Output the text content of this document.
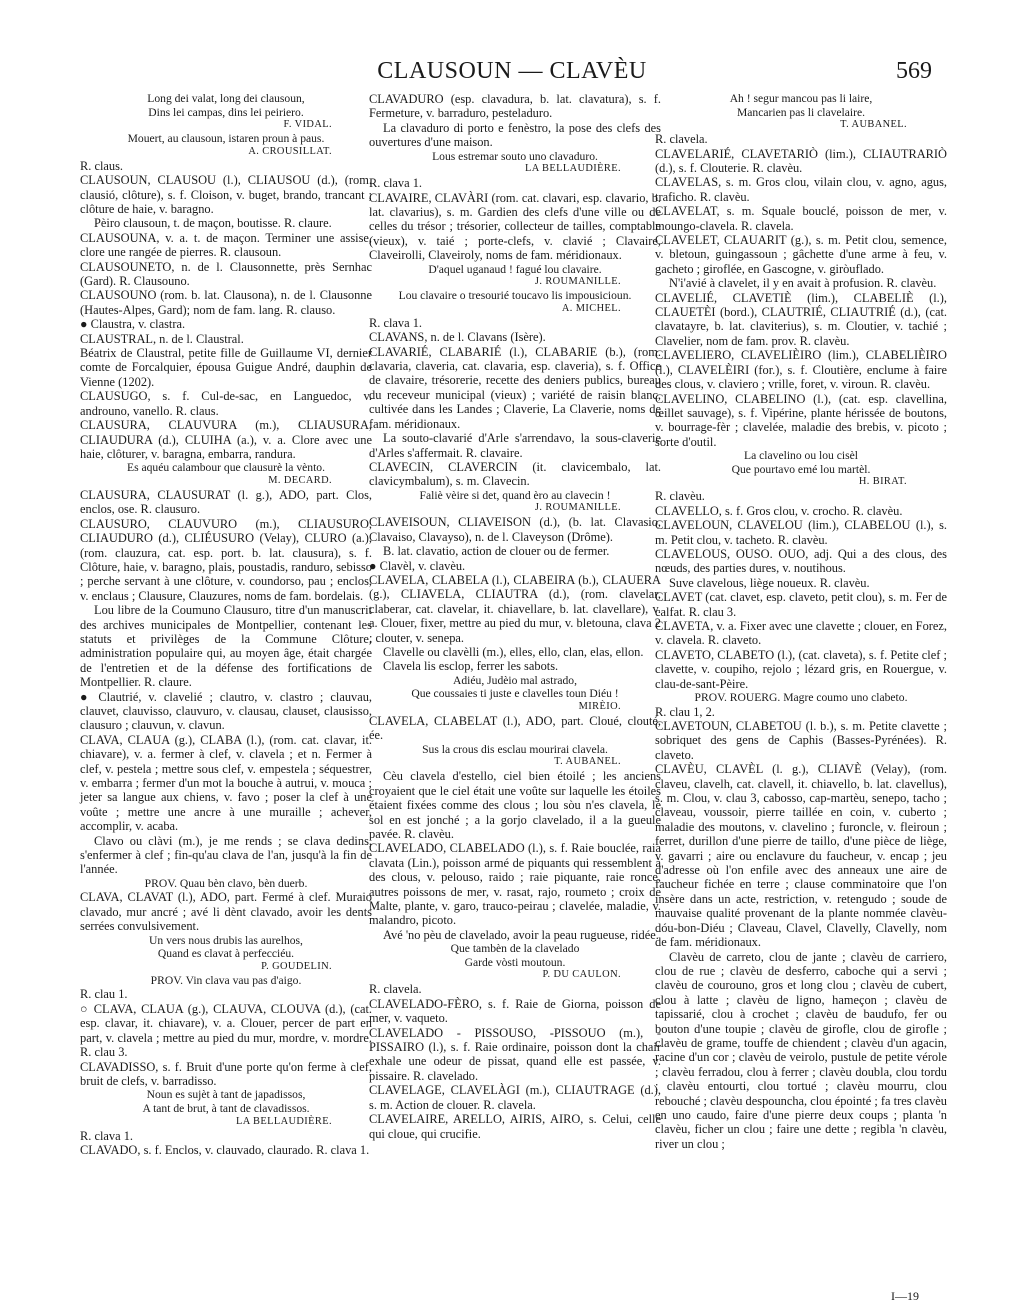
CLAUSOUN — CLAVÈU	569

Long dei valat, long dei clausoun,

Dins lei campas, dins lei peiriero.

F. VIDAL.

Mouert, au clausoun, istaren proun à paus.

A. CROUSILLAT.

R. claus.

CLAUSOUN, CLAUSOU (l.), CLIAUSOU (d.), (rom. clausió, clôture), s. f. Cloison, v. buget, brando, trancant ; clôture de haie, v. baragno.

Pèiro clausoun, t. de maçon, boutisse. R. claure.

CLAUSOUNA, v. a. t. de maçon. Terminer une assise, clore une rangée de pierres. R. clausoun.

CLAUSOUNETO, n. de l. Clausonnette, près Sernhac (Gard). R. Clausouno.

CLAUSOUNO (rom. b. lat. Clausona), n. de l. Clausonne (Hautes-Alpes, Gard); nom de fam. lang. R. clauso.

● Claustra, v. clastra.

CLAUSTRAL, n. de l. Claustral.

Béatrix de Claustral, petite fille de Guillaume VI, dernier comte de Forcalquier, épousa Guigue André, dauphin de Vienne (1202).

CLAUSUGO, s. f. Cul-de-sac, en Languedoc, v. androuno, vanello. R. claus.

CLAUSURA, CLAUVURA (m.), CLIAUSURA, CLIAUDURA (d.), CLUIHA (a.), v. a. Clore avec une haie, clôturer, v. baragna, embarra, randura.

Es aquéu calambour que clausurè la vènto.

M. DECARD.

CLAUSURA, CLAUSURAT (l. g.), ADO, part. Clos, enclos, ose. R. clausuro.

CLAUSURO, CLAUVURO (m.), CLIAUSURO, CLIAUDURO (d.), CLIÉUSURO (Velay), CLURO (a.), (rom. clauzura, cat. esp. port. b. lat. clausura), s. f. Clôture, haie, v. baragno, plais, poustadis, randuro, sebisso ; perche servant à une clôture, v. coundorso, pau ; enclos, v. enclaus ; Clausure, Clauzures, noms de fam. bordelais.

Lou libre de la Coumuno Clausuro, titre d'un manuscrit des archives municipales de Montpellier, contenant les statuts et privilèges de la Commune Clôture, administration populaire qui, au moyen âge, était chargée de l'entretien et de la défense des fortifications de Montpellier. R. claure.

● Clautrié, v. clavelié ; clautro, v. clastro ; clauvau, clauvet, clauvisso, clauvuro, v. clausau, clauset, clausisso, clausuro ; clauvun, v. clavun.

CLAVA, CLAUA (g.), CLABA (l.), (rom. cat. clavar, it. chiavare), v. a. fermer à clef, v. clavela ; et n. Fermer à clef, v. pestela ; mettre sous clef, v. empestela ; séquestrer, v. embarra ; fermer d'un mot la bouche à autrui, v. mouca ; jeter sa langue aux chiens, v. favo ; poser la clef à une voûte ; mettre une ancre à une muraille ; achever, accomplir, v. acaba.

Clavo ou clàvi (m.), je me rends ; se clava dedins, s'enfermer à clef ; fin-qu'au clava de l'an, jusqu'à la fin de l'année.

PROV. Quau bèn clavo, bèn duerb.

CLAVA, CLAVAT (l.), ADO, part. Fermé à clef. Muraio clavado, mur ancré ; avé li dènt clavado, avoir les dents serrées convulsivement.

Un vers nous drubis las aurelhos,

Quand es clavat à perfecciéu.

P. GOUDELIN.

PROV. Vin clava vau pas d'aigo.

R. clau 1.

○ CLAVA, CLAUA (g.), CLAUVA, CLOUVA (d.), (cat. esp. clavar, it. chiavare), v. a. Clouer, percer de part en part, v. clavela ; mettre au pied du mur, mordre, v. mordre. R. clau 3.

CLAVADISSO, s. f. Bruit d'une porte qu'on ferme à clef, bruit de clefs, v. barradisso.

Noun es sujèt à tant de japadissos,

A tant de brut, à tant de clavadissos.

LA BELLAUDIÈRE.

R. clava 1.

CLAVADO, s. f. Enclos, v. clauvado, claurado. R. clava 1.

CLAVADURO (esp. clavadura, b. lat. clavatura), s. f. Fermeture, v. barraduro, pesteladuro.

La clavaduro di porto e fenèstro, la pose des clefs des ouvertures d'une maison.

Lous estremar souto uno clavaduro.

LA BELLAUDIÈRE.

R. clava 1.

CLAVAIRE, CLAVÀRI (rom. cat. clavari, esp. clavario, b. lat. clavarius), s. m. Gardien des clefs d'une ville ou de celles du trésor ; trésorier, collecteur de tailles, comptable (vieux), v. taié ; porte-clefs, v. clavié ; Clavaire, Claveirolli, Claveiroly, noms de fam. méridionaux.

D'aquel uganaud ! fagué lou clavaire.

J. ROUMANILLE.

Lou clavaire o tresourié toucavo lis impousicioun.

A. MICHEL.

R. clava 1.

CLAVANS, n. de l. Clavans (Isère).

CLAVARIÉ, CLABARIÉ (l.), CLABARIE (b.), (rom. clavaria, claveria, cat. clavaria, esp. claveria), s. f. Office de clavaire, trésorerie, recette des deniers publics, bureau du receveur municipal (vieux) ; variété de raisin blanc, cultivée dans les Landes ; Claverie, La Claverie, noms de fam. méridionaux.

La souto-clavarié d'Arle s'arrendavo, la sous-claverie d'Arles s'affermait. R. clavaire.

CLAVECIN, CLAVERCIN (it. clavicembalo, lat. clavicymbalum), s. m. Clavecin.

Faliè vèire si det, quand èro au clavecin !

J. ROUMANILLE.

CLAVEISOUN, CLIAVEISON (d.), (b. lat. Clavasio, Clavaiso, Clavayso), n. de l. Claveyson (Drôme).

B. lat. clavatio, action de clouer ou de fermer.

● Clavèl, v. clavèu.

CLAVELA, CLABELA (l.), CLABEIRA (b.), CLAUERA (g.), CLIAVELA, CLIAUTRA (d.), (rom. clavelar, claberar, cat. clavelar, it. chiavellare, b. lat. clavellare), v. a. Clouer, fixer, mettre au pied du mur, v. bletouna, clava 2 ; clouter, v. senepa.

Clavelle ou clavèlli (m.), elles, ello, clan, elas, ellon.

Clavela lis esclop, ferrer les sabots.

Adiéu, Judèio mal astrado,

Que coussaies ti juste e clavelles toun Diéu !

MIRÈIO.

CLAVELA, CLABELAT (l.), ADO, part. Cloué, clouté, ée.

Sus la crous dis esclau mourirai clavela.

T. AUBANEL.

Cèu clavela d'estello, ciel bien étoilé ; les anciens croyaient que le ciel était une voûte sur laquelle les étoiles étaient fixées comme des clous ; lou sòu n'es clavela, le sol en est jonché ; a la gorjo clavelado, il a la gueule pavée. R. clavèu.

CLAVELADO, CLABELADO (l.), s. f. Raie bouclée, raia clavata (Lin.), poisson armé de piquants qui ressemblent à des clous, v. pelouso, raido ; raie piquante, raie ronce, autres poissons de mer, v. rasat, rajo, roumeto ; croix de Malte, plante, v. garo, trauco-peirau ; clavelée, maladie, v. malandro, picoto.

Avé 'no pèu de clavelado, avoir la peau rugueuse, ridée.

Que tambèn de la clavelado

Garde vòsti moutoun.

P. DU CAULON.

R. clavela.

CLAVELADO-FÈRO, s. f. Raie de Giorna, poisson de mer, v. vaqueto.

CLAVELADO - PISSOUSO, -PISSOUO (m.), -PISSAIRO (l.), s. f. Raie ordinaire, poisson dont la chair exhale une odeur de pissat, quand elle est passée, v. pissaire. R. clavelado.

CLAVELAGE, CLAVELÀGI (m.), CLIAUTRAGE (d.), s. m. Action de clouer. R. clavela.

CLAVELAIRE, ARELLO, AIRIS, AIRO, s. Celui, celle qui cloue, qui crucifie.

Ah ! segur mancou pas li laire,

Mancarien pas li clavelaire.

T. AUBANEL.

R. clavela.

CLAVELARIÉ, CLAVETARIÒ (lim.), CLIAUTRARIÒ (d.), s. f. Clouterie. R. clavèu.

CLAVELAS, s. m. Gros clou, vilain clou, v. agno, agus, traficho. R. clavèu.

CLAVELAT, s. m. Squale bouclé, poisson de mer, v. moungo-clavela. R. clavela.

CLAVELET, CLAUARIT (g.), s. m. Petit clou, semence, v. bletoun, guingassoun ; gâchette d'une arme à feu, v. gacheto ; giroflée, en Gascogne, v. giròuflado.

N'i'avié à clavelet, il y en avait à profusion. R. clavèu.

CLAVELIÉ, CLAVETIÈ (lim.), CLABELIÈ (l.), CLAUETÈI (bord.), CLAUTRIÉ, CLIAUTRIÉ (d.), (cat. clavatayre, b. lat. claviterius), s. m. Cloutier, v. tachié ; Clavelier, nom de fam. prov. R. clavèu.

CLAVELIERO, CLAVELIÈIRO (lim.), CLABELIÈIRO (l.), CLAVELÈIRI (for.), s. f. Cloutière, enclume à faire des clous, v. claviero ; vrille, foret, v. viroun. R. clavèu.

CLAVELINO, CLABELINO (l.), (cat. esp. clavellina, œillet sauvage), s. f. Vipérine, plante hérissée de boutons, v. bourrage-fèr ; clavelée, maladie des brebis, v. picoto ; sorte d'outil.

La clavelino ou lou cisèl

Que pourtavo emé lou martèl.

H. BIRAT.

R. clavèu.

CLAVELLO, s. f. Gros clou, v. crocho. R. clavèu.

CLAVELOUN, CLAVELOU (lim.), CLABELOU (l.), s. m. Petit clou, v. tacheto. R. clavèu.

CLAVELOUS, OUSO. OUO, adj. Qui a des clous, des nœuds, des parties dures, v. noutihous.

Suve clavelous, liège noueux. R. clavèu.

CLAVET (cat. clavet, esp. claveto, petit clou), s. m. Fer de calfat. R. clau 3.

CLAVETA, v. a. Fixer avec une clavette ; clouer, en Forez, v. clavela. R. claveto.

CLAVETO, CLABETO (l.), (cat. claveta), s. f. Petite clef ; clavette, v. coupiho, rejolo ; lézard gris, en Rouergue, v. clau-de-sant-Pèire.

PROV. ROUERG. Magre coumo uno clabeto.

R. clau 1, 2.

CLAVETOUN, CLABETOU (l. b.), s. m. Petite clavette ; sobriquet des gens de Caphis (Basses-Pyrénées). R. claveto.

CLAVÈU, CLAVÈL (l. g.), CLIAVÈ (Velay), (rom. claveu, clavelh, cat. clavell, it. chiavello, b. lat. clavellus), s. m. Clou, v. clau 3, cabosso, cap-martèu, senepo, tacho ; claveau, voussoir, pierre taillée en coin, v. cuberto ; maladie des moutons, v. clavelino ; furoncle, v. fleiroun ; ferret, durillon d'une pierre de taillo, d'une pièce de liège, v. gavarri ; aire ou enclavure du faucheur, v. encap ; jeu d'adresse où l'on enfile avec des anneaux une aire de faucheur fichée en terre ; clause comminatoire que l'on insère dans un acte, restriction, v. retengudo ; soude de mauvaise qualité provenant de la plante nommée clavèu-dóu-bon-Diéu ; Claveau, Clavel, Clavelly, Clavelly, nom de fam. méridionaux.

Clavèu de carreto, clou de jante ; clavèu de carriero, clou de rue ; clavèu de desferro, caboche qui a servi ; clavèu de courouno, gros et long clou ; clavèu de cubert, clou à latte ; clavèu de ligno, hameçon ; clavèu de tapissarié, clou à crochet ; clavèu de baudufo, fer ou bouton d'une toupie ; clavèu de girofle, clou de girofle ; clavèu de grame, touffe de chiendent ; clavèu d'un agacin, racine d'un cor ; clavèu de veirolo, pustule de petite vérole ; clavèu ferradou, clou à ferrer ; clavèu doubla, clou tordu ; clavèu entourti, clou tortué ; clavèu mourru, clou rebouché ; clavèu despouncha, clou épointé ; fa tres clavèu en uno caudo, faire d'une pierre deux coups ; planta 'n clavèu, ficher un clou ; faire une dette ; regibla 'n clavèu, river un clou ;

I—19
